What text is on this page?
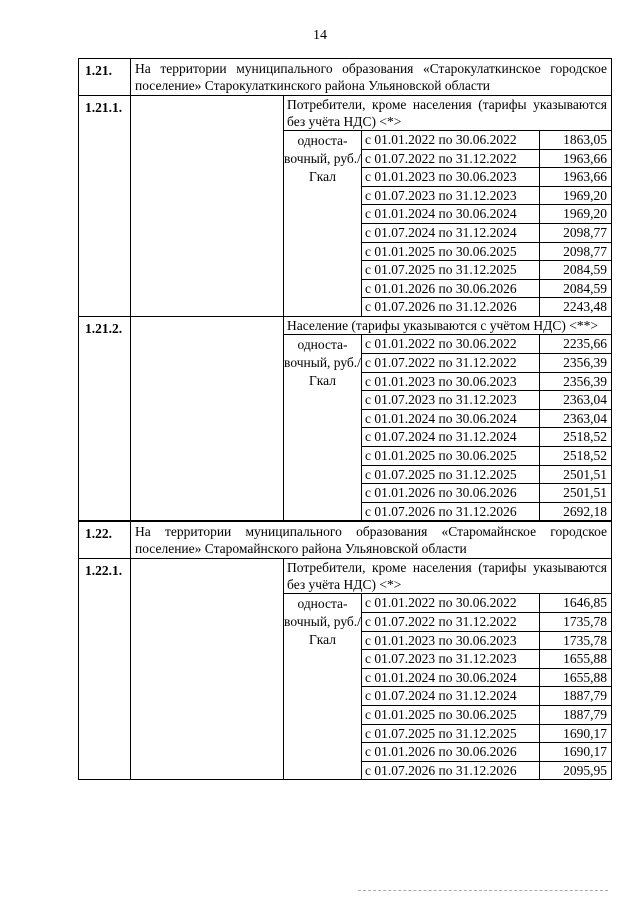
14
1.21.	На территории муниципального образования «Старокулаткинское городское поселение» Старокулаткинского района Ульяновской области
1.21.1.	Потребители, кроме населения (тарифы указываются без учёта НДС) <*>
односта-вочный, руб./Гкал
с 01.01.2022 по 30.06.2022	1863,05
с 01.07.2022 по 31.12.2022	1963,66
с 01.01.2023 по 30.06.2023	1963,66
с 01.07.2023 по 31.12.2023	1969,20
с 01.01.2024 по 30.06.2024	1969,20
с 01.07.2024 по 31.12.2024	2098,77
с 01.01.2025 по 30.06.2025	2098,77
с 01.07.2025 по 31.12.2025	2084,59
с 01.01.2026 по 30.06.2026	2084,59
с 01.07.2026 по 31.12.2026	2243,48
1.21.2.	Население (тарифы указываются с учётом НДС) <**>
односта-вочный, руб./Гкал
с 01.01.2022 по 30.06.2022	2235,66
с 01.07.2022 по 31.12.2022	2356,39
с 01.01.2023 по 30.06.2023	2356,39
с 01.07.2023 по 31.12.2023	2363,04
с 01.01.2024 по 30.06.2024	2363,04
с 01.07.2024 по 31.12.2024	2518,52
с 01.01.2025 по 30.06.2025	2518,52
с 01.07.2025 по 31.12.2025	2501,51
с 01.01.2026 по 30.06.2026	2501,51
с 01.07.2026 по 31.12.2026	2692,18
1.22.	На территории муниципального образования «Старомайнское городское поселение» Старомайнского района Ульяновской области
1.22.1.	Потребители, кроме населения (тарифы указываются без учёта НДС) <*>
односта-вочный, руб./Гкал
с 01.01.2022 по 30.06.2022	1646,85
с 01.07.2022 по 31.12.2022	1735,78
с 01.01.2023 по 30.06.2023	1735,78
с 01.07.2023 по 31.12.2023	1655,88
с 01.01.2024 по 30.06.2024	1655,88
с 01.07.2024 по 31.12.2024	1887,79
с 01.01.2025 по 30.06.2025	1887,79
с 01.07.2025 по 31.12.2025	1690,17
с 01.01.2026 по 30.06.2026	1690,17
с 01.07.2026 по 31.12.2026	2095,95
